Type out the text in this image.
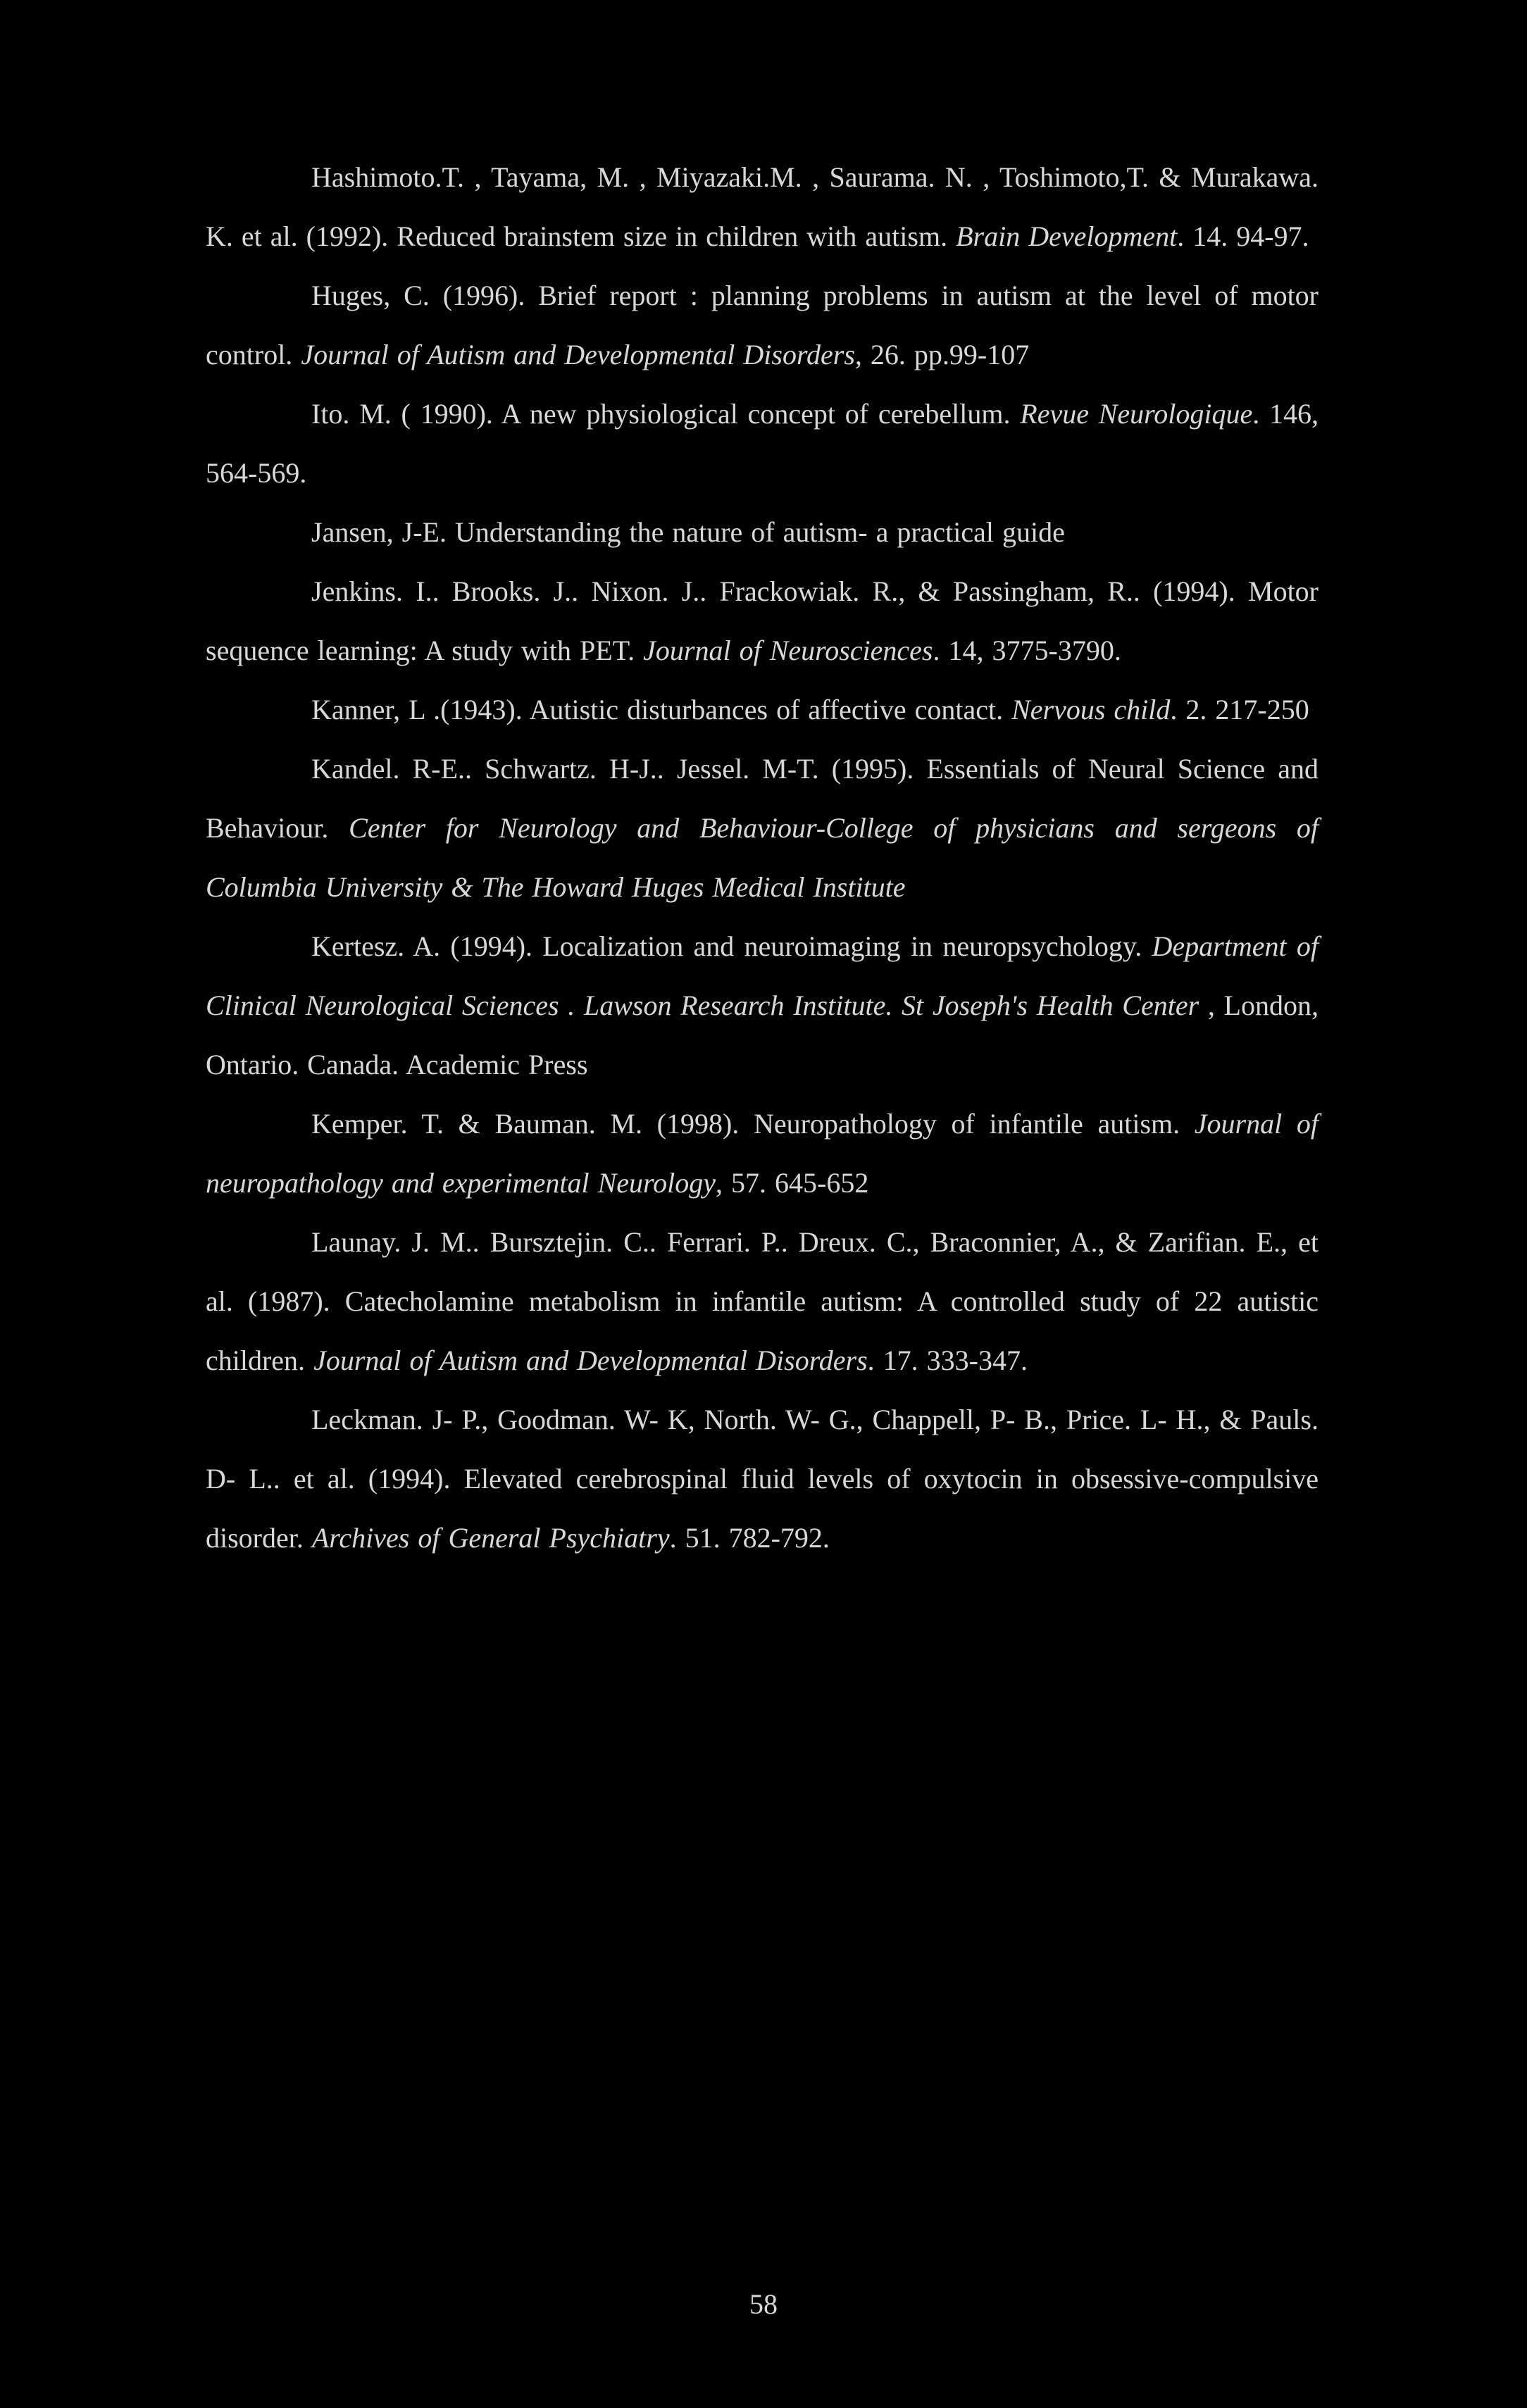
Hashimoto.T. , Tayama, M. , Miyazaki.M. , Saurama. N. , Toshimoto,T. & Murakawa. K. et al. (1992). Reduced brainstem size in children with autism. Brain Development. 14. 94-97.

Huges, C. (1996). Brief report : planning problems in autism at the level of motor control. Journal of Autism and Developmental Disorders, 26. pp.99-107

Ito. M. ( 1990). A new physiological concept of cerebellum. Revue Neurologique. 146, 564-569.

Jansen, J-E. Understanding the nature of autism- a practical guide

Jenkins. I.. Brooks. J.. Nixon. J.. Frackowiak. R., & Passingham, R.. (1994). Motor sequence learning: A study with PET. Journal of Neurosciences. 14, 3775-3790.

Kanner, L .(1943). Autistic disturbances of affective contact. Nervous child. 2. 217-250

Kandel. R-E.. Schwartz. H-J.. Jessel. M-T. (1995). Essentials of Neural Science and Behaviour. Center for Neurology and Behaviour-College of physicians and sergeons of Columbia University & The Howard Huges Medical Institute

Kertesz. A. (1994). Localization and neuroimaging in neuropsychology. Department of Clinical Neurological Sciences . Lawson Research Institute. St Joseph's Health Center , London, Ontario. Canada. Academic Press

Kemper. T. & Bauman. M. (1998). Neuropathology of infantile autism. Journal of neuropathology and experimental Neurology, 57. 645-652

Launay. J. M.. Bursztejin. C.. Ferrari. P.. Dreux. C., Braconnier, A., & Zarifian. E., et al. (1987). Catecholamine metabolism in infantile autism: A controlled study of 22 autistic children. Journal of Autism and Developmental Disorders. 17. 333-347.

Leckman. J- P., Goodman. W- K, North. W- G., Chappell, P- B., Price. L- H., & Pauls. D- L.. et al. (1994). Elevated cerebrospinal fluid levels of oxytocin in obsessive-compulsive disorder. Archives of General Psychiatry. 51. 782-792.

58
